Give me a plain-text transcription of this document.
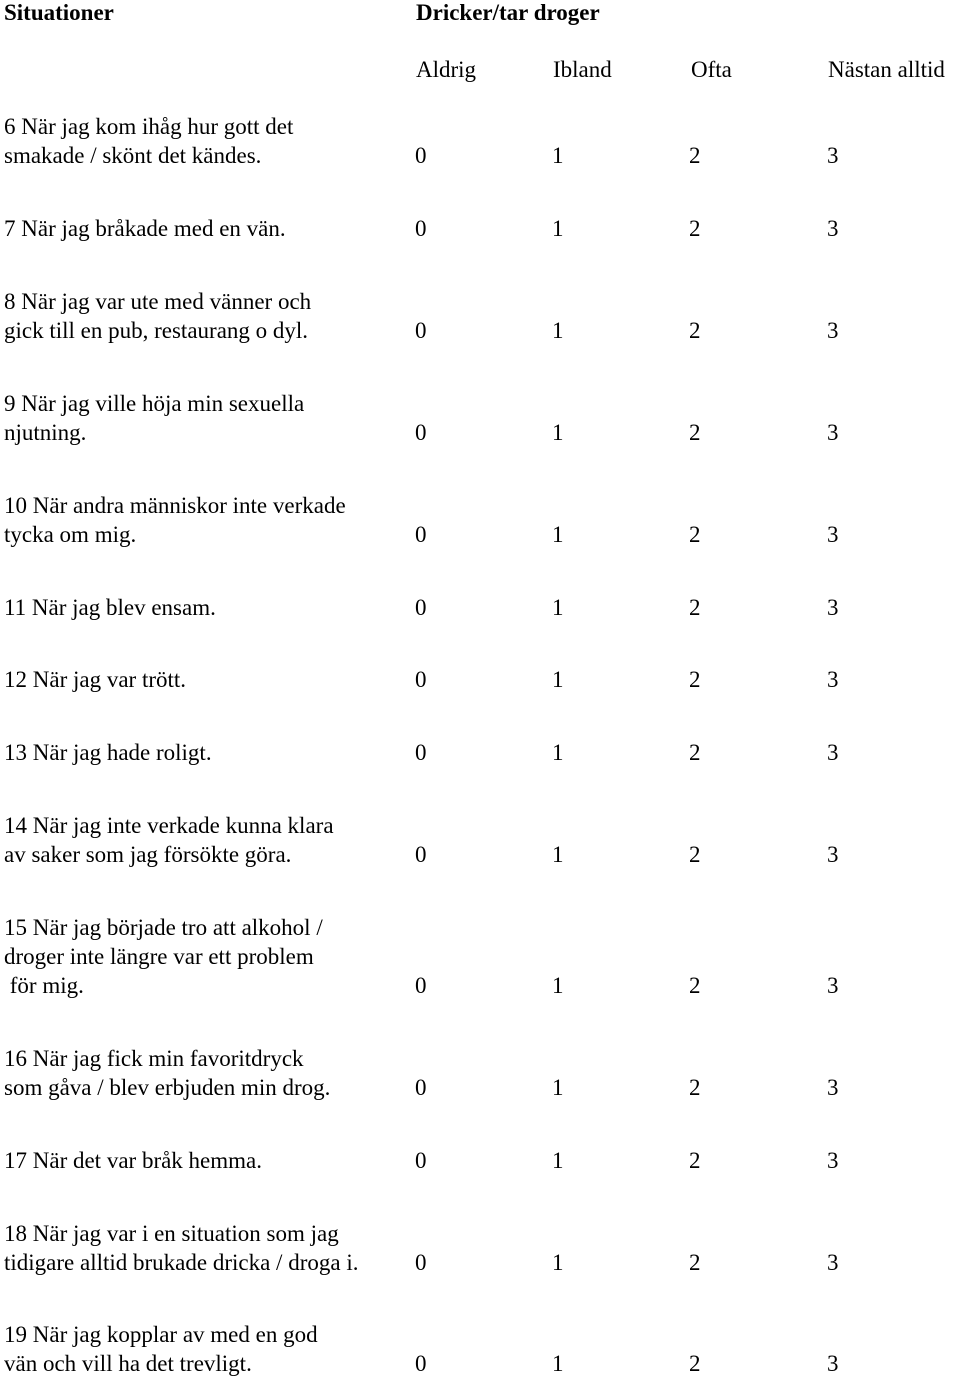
Situationer	Dricker/tar droger
Aldrig	Ibland	Ofta	Nästan alltid
6 När jag kom ihåg hur gott det
smakade / skönt det kändes.	0	1	2	3
7 När jag bråkade med en vän.	0	1	2	3
8 När jag var ute med vänner och
gick till en pub, restaurang o dyl.	0	1	2	3
9 När jag ville höja min sexuella
njutning.	0	1	2	3
10 När andra människor inte verkade
tycka om mig.	0	1	2	3
11 När jag blev ensam.	0	1	2	3
12 När jag var trött.	0	1	2	3
13 När jag hade roligt.	0	1	2	3
14 När jag inte verkade kunna klara
av saker som jag försökte göra.	0	1	2	3
15 När jag började tro att alkohol /
droger inte längre var ett problem
för mig.	0	1	2	3
16 När jag fick min favoritdryck
som gåva / blev erbjuden min drog.	0	1	2	3
17 När det var bråk hemma.	0	1	2	3
18 När jag var i en situation som jag
tidigare alltid brukade dricka / droga i. 0	1	2	3
19 När jag kopplar av med en god
vän och vill ha det trevligt.	0	1	2	3
